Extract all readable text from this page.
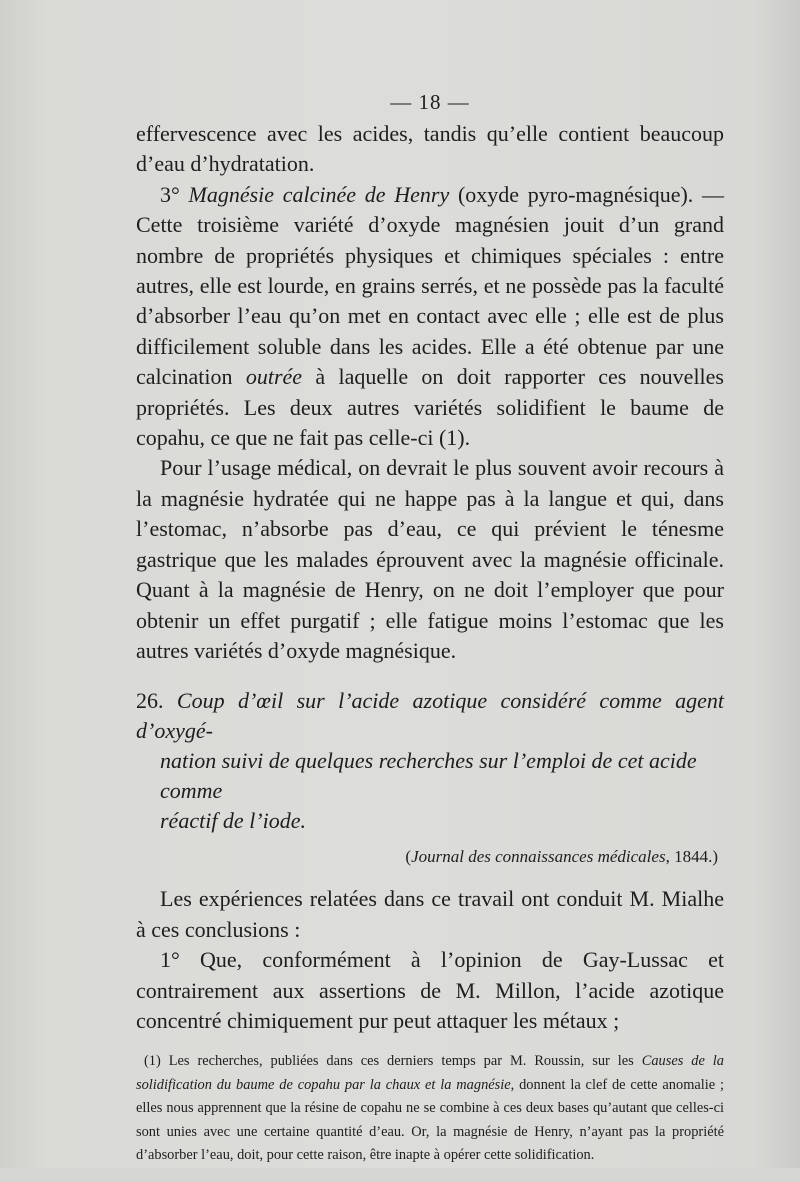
— 18 —

effervescence avec les acides, tandis qu’elle contient beaucoup d’eau d’hydratation.

3° Magnésie calcinée de Henry (oxyde pyro-magnésique). — Cette troisième variété d’oxyde magnésien jouit d’un grand nombre de propriétés physiques et chimiques spéciales : entre autres, elle est lourde, en grains serrés, et ne possède pas la faculté d’absorber l’eau qu’on met en contact avec elle ; elle est de plus difficilement soluble dans les acides. Elle a été obtenue par une calcination outrée à laquelle on doit rapporter ces nouvelles propriétés. Les deux autres variétés solidifient le baume de copahu, ce que ne fait pas celle-ci (1).

Pour l’usage médical, on devrait le plus souvent avoir recours à la magnésie hydratée qui ne happe pas à la langue et qui, dans l’estomac, n’absorbe pas d’eau, ce qui prévient le ténesme gastrique que les malades éprouvent avec la magnésie officinale. Quant à la magnésie de Henry, on ne doit l’employer que pour obtenir un effet purgatif ; elle fatigue moins l’estomac que les autres variétés d’oxyde magnésique.

26. Coup d’œil sur l’acide azotique considéré comme agent d’oxygé-
nation suivi de quelques recherches sur l’emploi de cet acide comme
réactif de l’iode.
(Journal des connaissances médicales, 1844.)

Les expériences relatées dans ce travail ont conduit M. Mialhe à ces conclusions :

1° Que, conformément à l’opinion de Gay-Lussac et contrairement aux assertions de M. Millon, l’acide azotique concentré chimiquement pur peut attaquer les métaux ;

(1) Les recherches, publiées dans ces derniers temps par M. Roussin, sur les Causes de la solidification du baume de copahu par la chaux et la magnésie, donnent la clef de cette anomalie ; elles nous apprennent que la résine de copahu ne se combine à ces deux bases qu’autant que celles-ci sont unies avec une certaine quantité d’eau. Or, la magnésie de Henry, n’ayant pas la propriété d’absorber l’eau, doit, pour cette raison, être inapte à opérer cette solidification.
